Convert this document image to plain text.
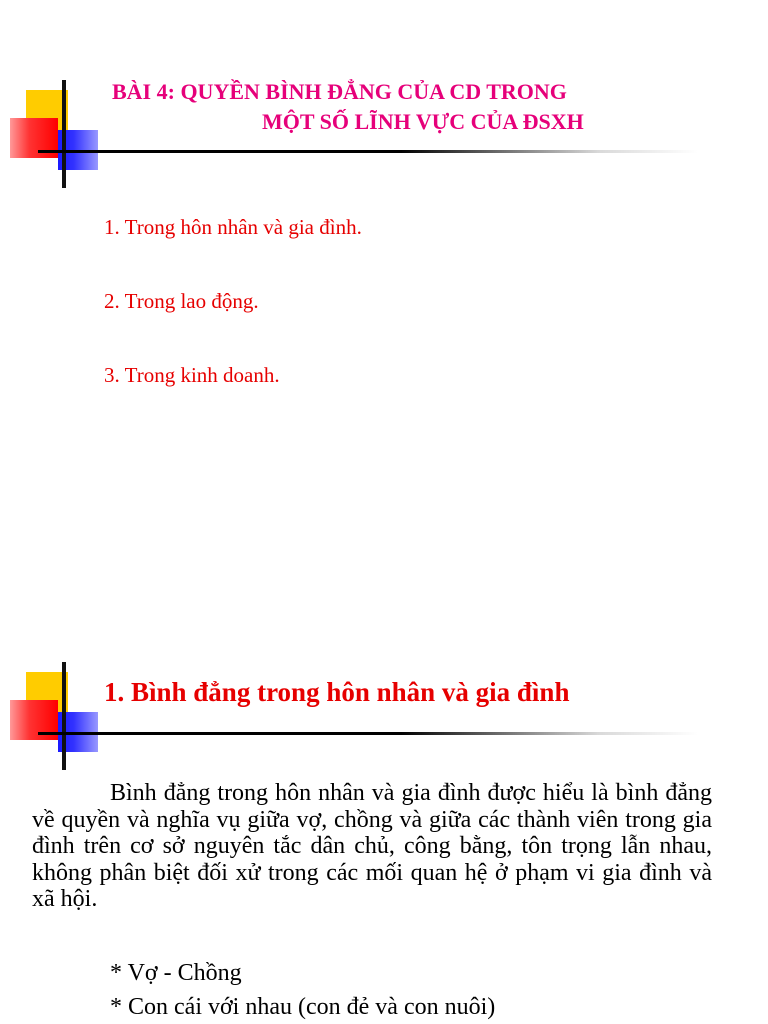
BÀI 4: QUYỀN BÌNH ĐẲNG CỦA CD TRONG

MỘT SỐ LĨNH VỰC CỦA ĐSXH

1. Trong hôn nhân và gia đình.
2. Trong lao động.
3. Trong kinh doanh.
1. Bình đẳng trong hôn nhân và gia đình

Bình đẳng trong hôn nhân và gia đình được hiểu là bình đẳng về quyền và nghĩa vụ giữa vợ, chồng và giữa các thành viên trong gia đình trên cơ sở nguyên tắc dân chủ, công bằng, tôn trọng lẫn nhau, không phân biệt đối xử trong các mối quan hệ ở phạm vi gia đình và xã hội.

* Vợ - Chồng

* Con cái với nhau (con đẻ và con nuôi)
